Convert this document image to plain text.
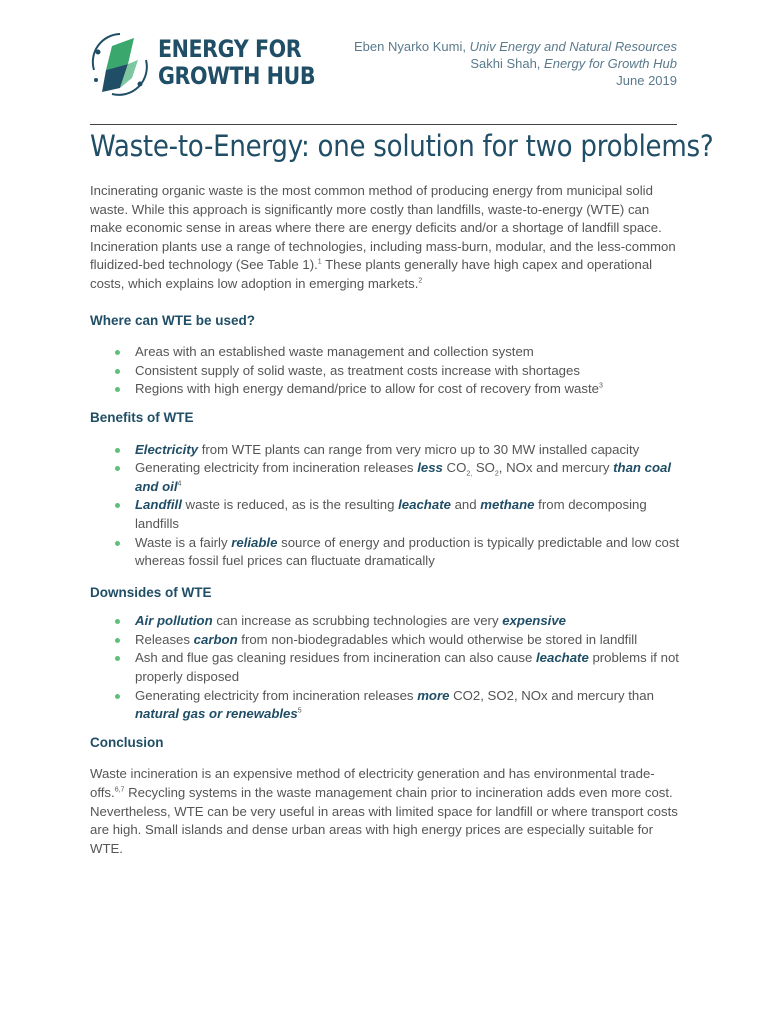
ENERGY FOR
GROWTH HUB
Eben Nyarko Kumi, Univ Energy and Natural Resources
Sakhi Shah, Energy for Growth Hub
June 2019
Waste-to-Energy: one solution for two problems?

Incinerating organic waste is the most common method of producing energy from municipal solid waste. While this approach is significantly more costly than landfills, waste-to-energy (WTE) can make economic sense in areas where there are energy deficits and/or a shortage of landfill space. Incineration plants use a range of technologies, including mass-burn, modular, and the less-common fluidized-bed technology (See Table 1).$^1$ These plants generally have high capex and operational costs, which explains low adoption in emerging markets.$^2$

Where can WTE be used?
Areas with an established waste management and collection system
Consistent supply of solid waste, as treatment costs increase with shortages
Regions with high energy demand/price to allow for cost of recovery from waste$^3$
Benefits of WTE
Electricity from WTE plants can range from very micro up to 30 MW installed capacity
Generating electricity from incineration releases less $CO_{2,}$ $SO_2$, NOx and mercury than coal and oil$^4$
Landfill waste is reduced, as is the resulting leachate and methane from decomposing landfills
Waste is a fairly reliable source of energy and production is typically predictable and low cost whereas fossil fuel prices can fluctuate dramatically
Downsides of WTE
Air pollution can increase as scrubbing technologies are very expensive
Releases carbon from non-biodegradables which would otherwise be stored in landfill
Ash and flue gas cleaning residues from incineration can also cause leachate problems if not properly disposed
Generating electricity from incineration releases more CO2, SO2, NOx and mercury than natural gas or renewables$^5$
Conclusion

Waste incineration is an expensive method of electricity generation and has environmental trade-offs.$^{6,7}$ Recycling systems in the waste management chain prior to incineration adds even more cost. Nevertheless, WTE can be very useful in areas with limited space for landfill or where transport costs are high. Small islands and dense urban areas with high energy prices are especially suitable for WTE.
